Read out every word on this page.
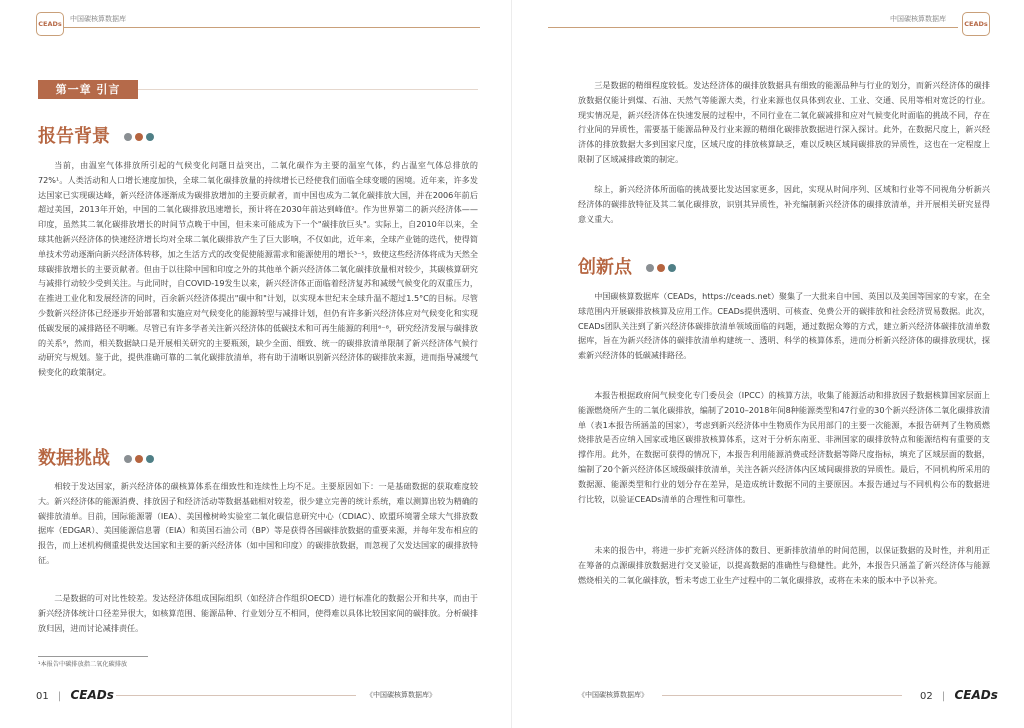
CEADs
中国碳核算数据库
第一章 引言
报告背景

当前，由温室气体排放所引起的气候变化问题日益突出，二氧化碳作为主要的温室气体，约占温室气体总排放的72%¹。人类活动和人口增长速度加快，全球二氧化碳排放量的持续增长已经使我们面临全球变暖的困境。近年来，许多发达国家已实现碳达峰，新兴经济体逐渐成为碳排放增加的主要贡献者，而中国也成为二氧化碳排放大国，并在2006年前后超过美国，2013年开始，中国的二氧化碳排放迅速增长，预计将在2030年前达到峰值²。作为世界第二的新兴经济体——印度，虽然其二氧化碳排放增长的时间节点晚于中国，但未来可能成为下一个"碳排放巨头"。实际上，自2010年以来，全球其他新兴经济体的快速经济增长均对全球二氧化碳排放产生了巨大影响，不仅如此，近年来，全球产业链的迭代，使得简单技术劳动逐渐向新兴经济体转移，加之生活方式的改变促使能源需求和能源使用的增长³⁻⁵，致使这些经济体将成为天然全球碳排放增长的主要贡献者。但由于以往除中国和印度之外的其他单个新兴经济体二氧化碳排放量相对较少，其碳核算研究与减排行动较少受到关注。与此同时，自COVID-19发生以来，新兴经济体正面临着经济复苏和减缓气候变化的双重压力，在推进工业化和发展经济的同时，百余新兴经济体提出"碳中和"计划，以实现本世纪末全球升温不超过1.5°C的目标。尽管少数新兴经济体已经逐步开始部署和实施应对气候变化的能源转型与减排计划，但仍有许多新兴经济体应对气候变化和实现低碳发展的减排路径不明晰。尽管已有许多学者关注新兴经济体的低碳技术和可再生能源的利用⁶⁻⁸，研究经济发展与碳排放的关系⁹，然而，相关数据缺口是开展相关研究的主要瓶颈，缺少全面、细致、统一的碳排放清单限制了新兴经济体气候行动研究与规划。鉴于此，提供准确可靠的二氧化碳排放清单，将有助于清晰识别新兴经济体的碳排放来源，进而指导减缓气候变化的政策制定。

数据挑战

相较于发达国家，新兴经济体的碳核算体系在细致性和连续性上均不足。主要原因如下：一是基础数据的获取难度较大。新兴经济体的能源消费、排放因子和经济活动等数据基础相对较差，很少建立完善的统计系统，难以测算出较为精确的碳排放清单。目前，国际能源署（IEA）、美国橡树岭实验室二氧化碳信息研究中心（CDIAC）、欧盟环境署全球大气排放数据库（EDGAR）、美国能源信息署（EIA）和英国石油公司（BP）等是获得各国碳排放数据的重要来源，并每年发布相应的报告，而上述机构侧重提供发达国家和主要的新兴经济体（如中国和印度）的碳排放数据，而忽视了欠发达国家的碳排放特征。

二是数据的可对比性较差。发达经济体组成国际组织（如经济合作组织OECD）进行标准化的数据公开和共享，而由于新兴经济体统计口径差异很大，如核算范围、能源品种、行业划分互不相同，使得难以具体比较国家间的碳排放。分析碳排放归因，进而讨论减排责任。

¹本报告中碳排放指二氧化碳排放
01 | CEADs	《中国碳核算数据库》
中国碳核算数据库
CEADs

三是数据的精细程度较低。发达经济体的碳排放数据具有细致的能源品种与行业的划分，而新兴经济体的碳排放数据仅能计到煤、石油、天然气等能源大类，行业来源也仅具体到农业、工业、交通、民用等相对宽泛的行业。现实情况是，新兴经济体在快速发展的过程中，不同行业在二氧化碳减排和应对气候变化时面临的挑战不同，存在行业间的异质性，需要基于能源品种及行业来源的精细化碳排放数据进行深入探讨。此外，在数据尺度上，新兴经济体的排放数据大多到国家尺度，区域尺度的排放核算缺乏，难以反映区域间碳排放的异质性，这也在一定程度上限制了区域减排政策的制定。

综上，新兴经济体所面临的挑战要比发达国家更多，因此，实现从时间序列、区域和行业等不同视角分析新兴经济体的碳排放特征及其二氧化碳排放，识别其异质性，补充编制新兴经济体的碳排放清单，并开展相关研究显得意义重大。

创新点

中国碳核算数据库（CEADs，https://ceads.net）聚集了一大批来自中国、英国以及美国等国家的专家，在全球范围内开展碳排放核算及应用工作。CEADs提供透明、可核查、免费公开的碳排放和社会经济贸易数据。此次，CEADs团队关注到了新兴经济体碳排放清单领域面临的问题，通过数据众筹的方式，建立新兴经济体碳排放清单数据库，旨在为新兴经济体的碳排放清单构建统一、透明、科学的核算体系，进而分析新兴经济体的碳排放现状，探索新兴经济体的低碳减排路径。

本报告根据政府间气候变化专门委员会（IPCC）的核算方法，收集了能源活动和排放因子数据核算国家层面上能源燃烧所产生的二氧化碳排放，编制了2010–2018年间8种能源类型和47行业的30个新兴经济体二氧化碳排放清单（表1本报告所涵盖的国家），考虑到新兴经济体中生物质作为民用部门的主要一次能源，本报告研判了生物质燃烧排放是否应纳入国家或地区碳排放核算体系，这对于分析东南亚、非洲国家的碳排放特点和能源结构有重要的支撑作用。此外，在数据可获得的情况下，本报告利用能源消费或经济数据等降尺度指标，填充了区域层面的数据，编制了20个新兴经济体区域级碳排放清单，关注各新兴经济体内区域间碳排放的异质性。最后，不同机构所采用的数据源、能源类型和行业的划分存在差异，是造成统计数据不同的主要原因。本报告通过与不同机构公布的数据进行比较，以验证CEADs清单的合理性和可靠性。

未来的报告中，将进一步扩充新兴经济体的数目、更新排放清单的时间范围，以保证数据的及时性，并利用正在筹备的点源碳排放数据进行交叉验证，以提高数据的准确性与稳健性。此外，本报告只涵盖了新兴经济体与能源燃烧相关的二氧化碳排放，暂未考虑工业生产过程中的二氧化碳排放，或将在未来的版本中予以补充。

《中国碳核算数据库》	02 | CEADs
